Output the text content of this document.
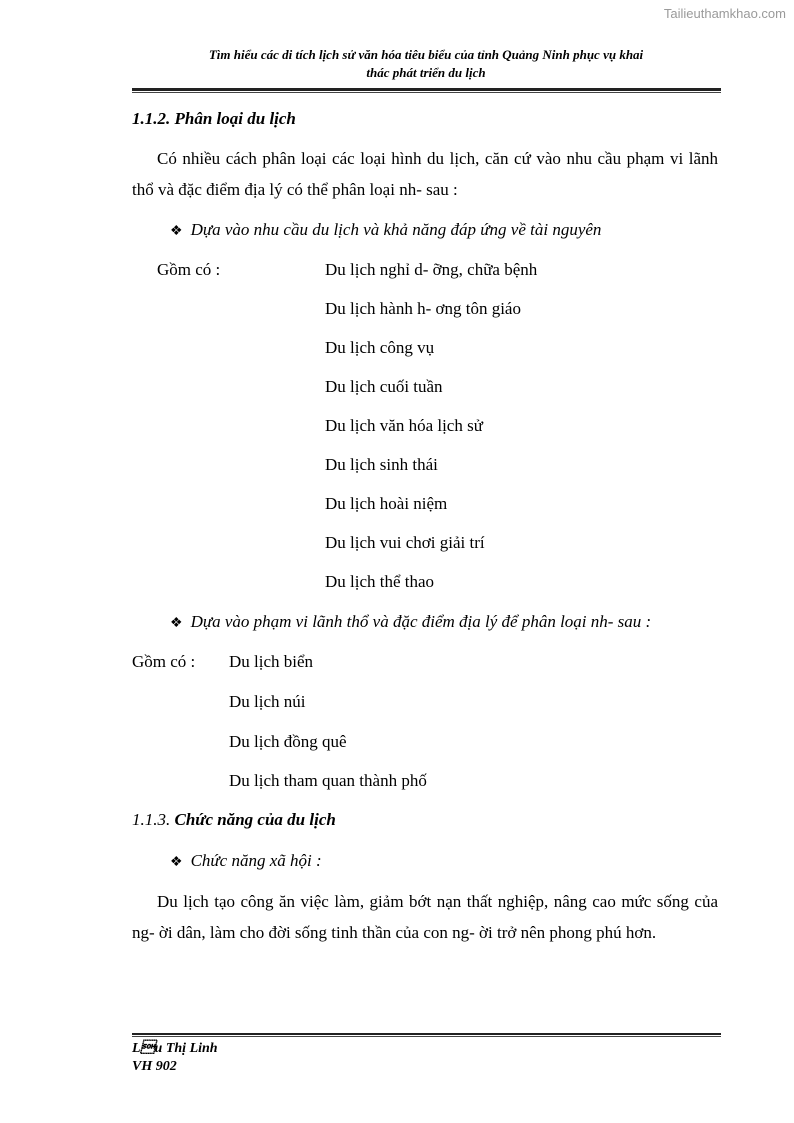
Tailieuthamkhao.com
Tìm hiểu các di tích lịch sử văn hóa tiêu biểu của tỉnh Quảng Ninh phục vụ khai
thác phát triển du lịch
1.1.2. Phân loại du lịch
Có nhiều cách phân loại các loại hình du lịch, căn cứ vào nhu cầu phạm vi lãnh thổ và đặc điểm địa lý có thể phân loại nh- sau :
❖ Dựa vào nhu cầu du lịch và khả năng đáp ứng về tài nguyên
Gồm có :	Du lịch nghỉ d- ỡng, chữa bệnh
Du lịch hành h- ơng tôn giáo
Du lịch công vụ
Du lịch cuối tuần
Du lịch văn hóa lịch sử
Du lịch sinh thái
Du lịch hoài niệm
Du lịch vui chơi giải trí
Du lịch thể thao
❖ Dựa vào phạm vi lãnh thổ và đặc điểm địa lý để phân loại nh- sau :
Gồm có : Du lịch biển
Du lịch núi
Du lịch đồng quê
Du lịch tham quan thành phố
1.1.3. Chức năng của du lịch
❖ Chức năng xã hội :
Du lịch tạo công ăn việc làm, giảm bớt nạn thất nghiệp, nâng cao mức sống của ng- ời dân, làm cho đời sống tinh thần của con ng- ời trở nên phong phú hơn.
Lu Thị Linh
VH 902
